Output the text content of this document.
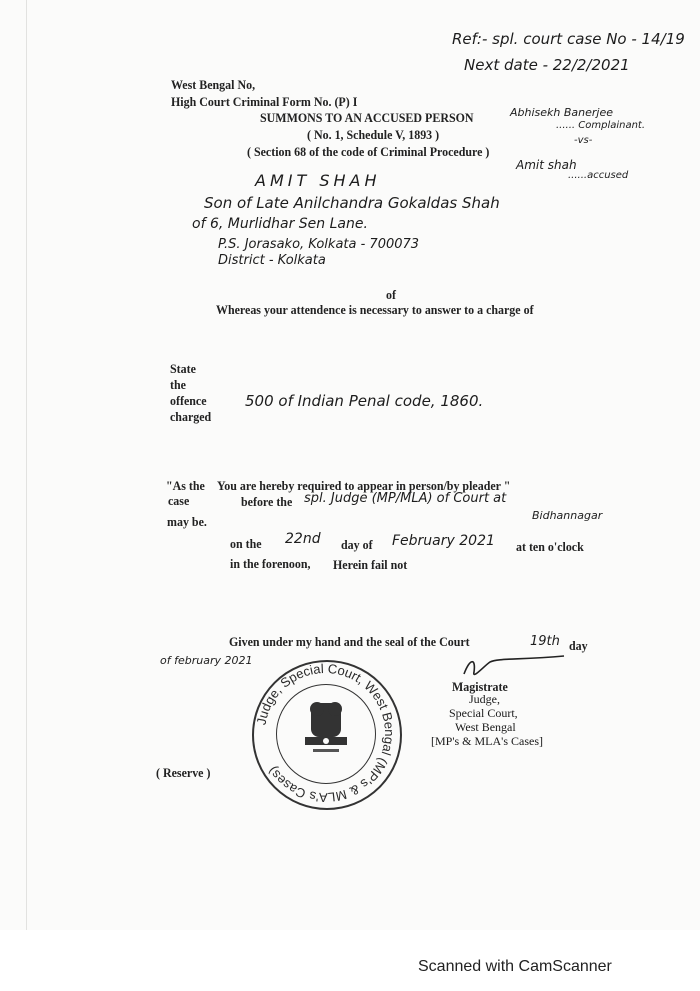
Ref:- spl. court case No - 14/19
Next date - 22/2/2021
West Bengal No,
High Court Criminal Form No. (P) I
SUMMONS TO AN ACCUSED PERSON	Abhisekh Banerjee
...... Complainant.
( No. 1, Schedule V, 1893 )	-vs-
( Section 68 of the code of Criminal Procedure )
Amit shah
......accused
AMIT SHAH
Son of Late Anilchandra Gokaldas Shah
of 6, Murlidhar Sen Lane.
P.S. Jorasako, Kolkata - 700073
District - Kolkata
of
Whereas your attendence is necessary to answer to a charge of
State
the
offence
charged
500 of Indian Penal code, 1860.
"As the You are hereby required to appear in person/by pleader "
case	before the spl. Judge (MP/MLA) of Court at
Bidhannagar
may be.
on the 22nd day of February 2021 at ten o'clock
in the forenoon, Herein fail not
Given under my hand and the seal of the Court	19th day
of february 2021
Magistrate
Judge,
Special Court,
West Bengal
[MP's & MLA's Cases]
Judge, Special Court, West Bengal (MP's & MLA's Cases)
( Reserve )
Scanned with CamScanner
